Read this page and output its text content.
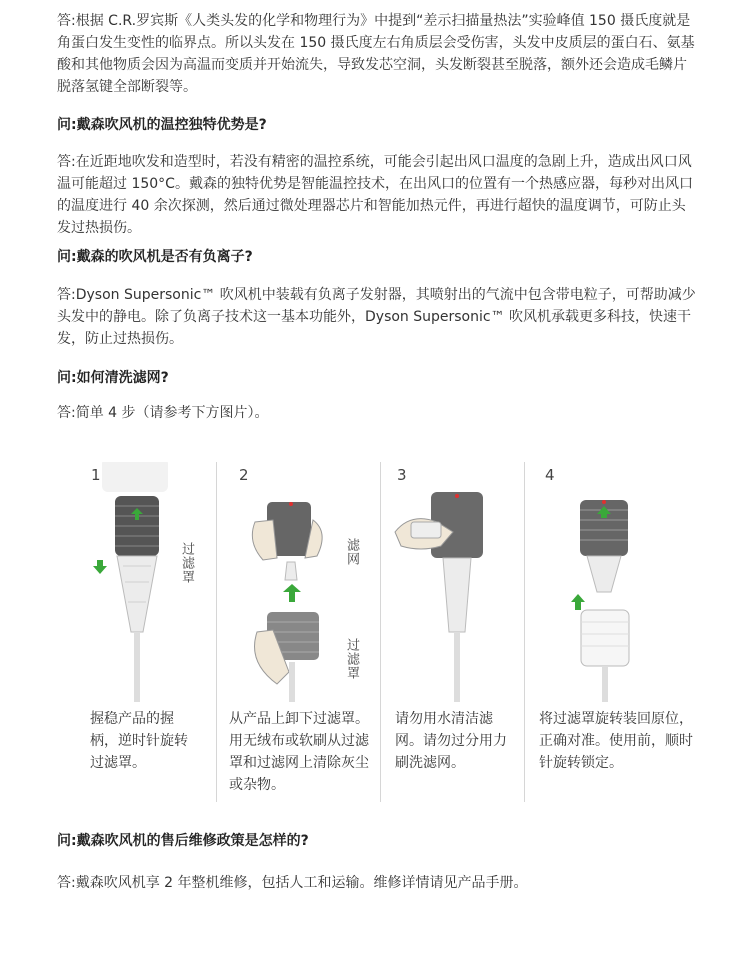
答:根据 C.R.罗宾斯《人类头发的化学和物理行为》中提到“差示扫描量热法”实验峰值 150 摄氏度就是角蛋白发生变性的临界点。所以头发在 150 摄氏度左右角质层会受伤害，头发中皮质层的蛋白石、氨基酸和其他物质会因为高温而变质并开始流失，导致发芯空洞，头发断裂甚至脱落，额外还会造成毛鳞片脱落氢键全部断裂等。
问:戴森吹风机的温控独特优势是?
答:在近距地吹发和造型时，若没有精密的温控系统，可能会引起出风口温度的急剧上升，造成出风口风温可能超过 150°C。戴森的独特优势是智能温控技术，在出风口的位置有一个热感应器，每秒对出风口的温度进行 40 余次探测，然后通过微处理器芯片和智能加热元件，再进行超快的温度调节，可防止头发过热损伤。
问:戴森的吹风机是否有负离子?
答:Dyson Supersonic™ 吹风机中装载有负离子发射器，其喷射出的气流中包含带电粒子，可帮助减少头发中的静电。除了负离子技术这一基本功能外，Dyson Supersonic™ 吹风机承载更多科技，快速干发，防止过热损伤。
问:如何清洗滤网?
答:简单 4 步（请参考下方图片）。
1
过滤罩
握稳产品的握柄，逆时针旋转过滤罩。
2
滤网
过滤罩
从产品上卸下过滤罩。用无绒布或软刷从过滤罩和过滤网上清除灰尘或杂物。
3
请勿用水清洁滤网。请勿过分用力刷洗滤网。
4
将过滤罩旋转装回原位，正确对准。使用前，顺时针旋转锁定。
问:戴森吹风机的售后维修政策是怎样的?
答:戴森吹风机享 2 年整机维修，包括人工和运输。维修详情请见产品手册。
